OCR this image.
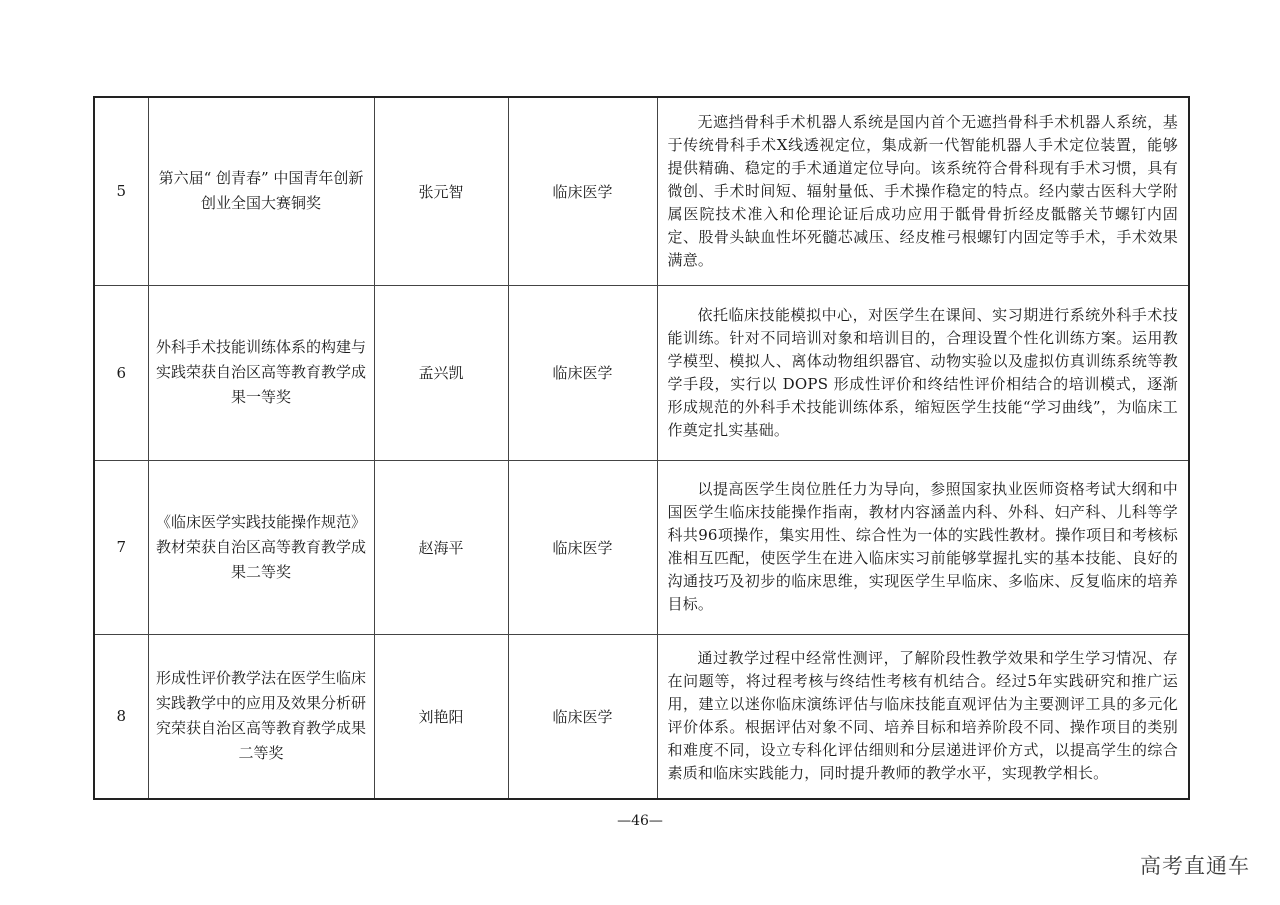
5	第六届“ 创青春” 中国青年创新创业全国大赛铜奖	张元智	临床医学	无遮挡骨科手术机器人系统是国内首个无遮挡骨科手术机器人系统，基于传统骨科手术X线透视定位，集成新一代智能机器人手术定位装置，能够提供精确、稳定的手术通道定位导向。该系统符合骨科现有手术习惯，具有微创、手术时间短、辐射量低、手术操作稳定的特点。经内蒙古医科大学附属医院技术准入和伦理论证后成功应用于骶骨骨折经皮骶髂关节螺钉内固定、股骨头缺血性坏死髓芯减压、经皮椎弓根螺钉内固定等手术，手术效果满意。

6	外科手术技能训练体系的构建与实践荣获自治区高等教育教学成果一等奖	孟兴凯	临床医学	依托临床技能模拟中心，对医学生在课间、实习期进行系统外科手术技能训练。针对不同培训对象和培训目的，合理设置个性化训练方案。运用教学模型、模拟人、离体动物组织器官、动物实验以及虚拟仿真训练系统等教学手段，实行以 DOPS 形成性评价和终结性评价相结合的培训模式，逐渐形成规范的外科手术技能训练体系，缩短医学生技能“学习曲线”，为临床工作奠定扎实基础。

7	《临床医学实践技能操作规范》教材荣获自治区高等教育教学成果二等奖	赵海平	临床医学	以提高医学生岗位胜任力为导向，参照国家执业医师资格考试大纲和中国医学生临床技能操作指南，教材内容涵盖内科、外科、妇产科、儿科等学科共96项操作，集实用性、综合性为一体的实践性教材。操作项目和考核标准相互匹配，使医学生在进入临床实习前能够掌握扎实的基本技能、良好的沟通技巧及初步的临床思维，实现医学生早临床、多临床、反复临床的培养目标。

8	形成性评价教学法在医学生临床实践教学中的应用及效果分析研究荣获自治区高等教育教学成果二等奖	刘艳阳	临床医学	通过教学过程中经常性测评，了解阶段性教学效果和学生学习情况、存在问题等，将过程考核与终结性考核有机结合。经过5年实践研究和推广运用，建立以迷你临床演练评估与临床技能直观评估为主要测评工具的多元化评价体系。根据评估对象不同、培养目标和培养阶段不同、操作项目的类别和难度不同，设立专科化评估细则和分层递进评价方式，以提高学生的综合素质和临床实践能力，同时提升教师的教学水平，实现教学相长。
—46—
高考直通车
